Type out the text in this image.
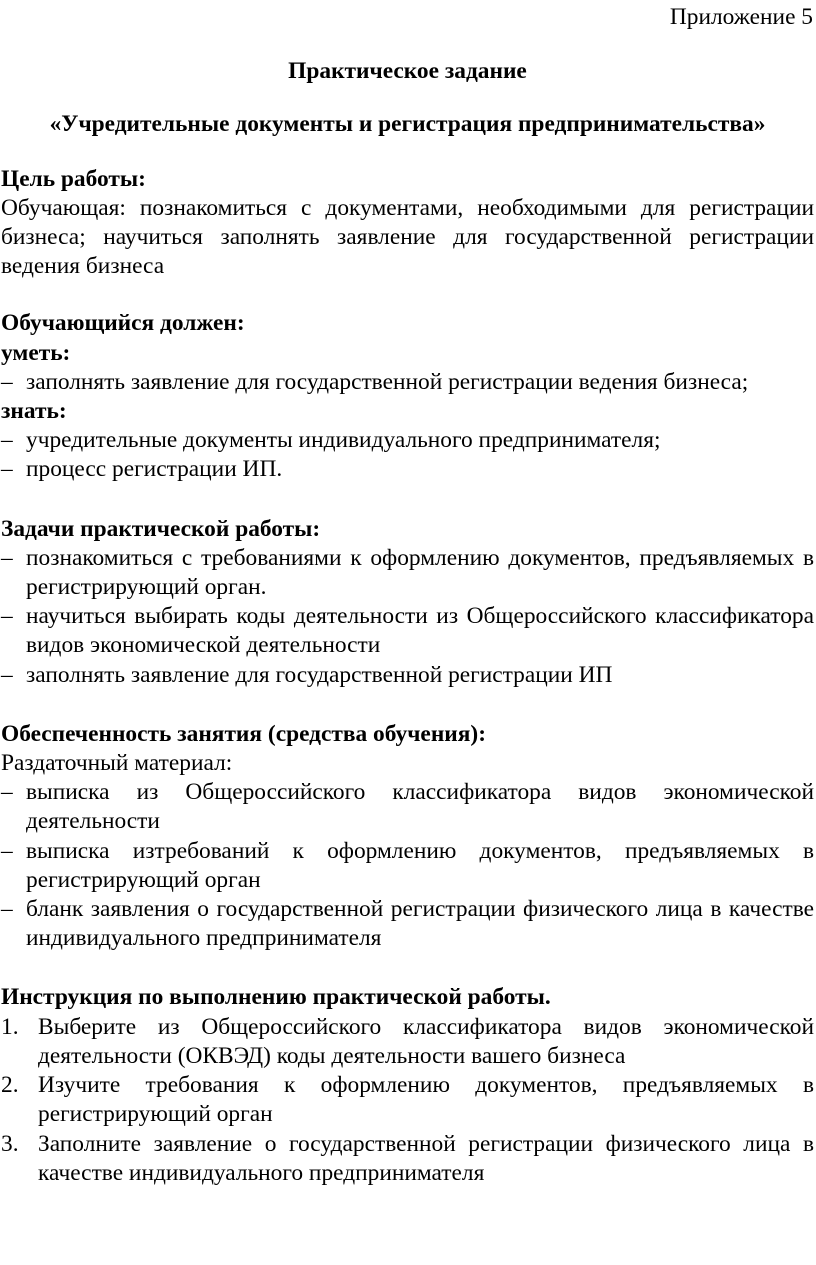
Приложение 5
Практическое задание
«Учредительные документы и регистрация предпринимательства»
Цель работы:
Обучающая: познакомиться с документами, необходимыми для регистрации бизнеса; научиться заполнять заявление для государственной регистрации ведения бизнеса
Обучающийся должен:
уметь:
– заполнять заявление для государственной регистрации ведения бизнеса;
знать:
– учредительные документы индивидуального предпринимателя;
– процесс регистрации ИП.
Задачи практической работы:
– познакомиться с требованиями к оформлению документов, предъявляемых в регистрирующий орган.
– научиться выбирать коды деятельности из Общероссийского классификатора видов экономической деятельности
– заполнять заявление для государственной регистрации ИП
Обеспеченность занятия (средства обучения):
Раздаточный материал:
– выписка из Общероссийского классификатора видов экономической деятельности
– выписка изтребований к оформлению документов, предъявляемых в регистрирующий орган
– бланк заявления о государственной регистрации физического лица в качестве индивидуального предпринимателя
Инструкция по выполнению практической работы.
1. Выберите из Общероссийского классификатора видов экономической деятельности (ОКВЭД) коды деятельности вашего бизнеса
2. Изучите требования к оформлению документов, предъявляемых в регистрирующий орган
3. Заполните заявление о государственной регистрации физического лица в качестве индивидуального предпринимателя
